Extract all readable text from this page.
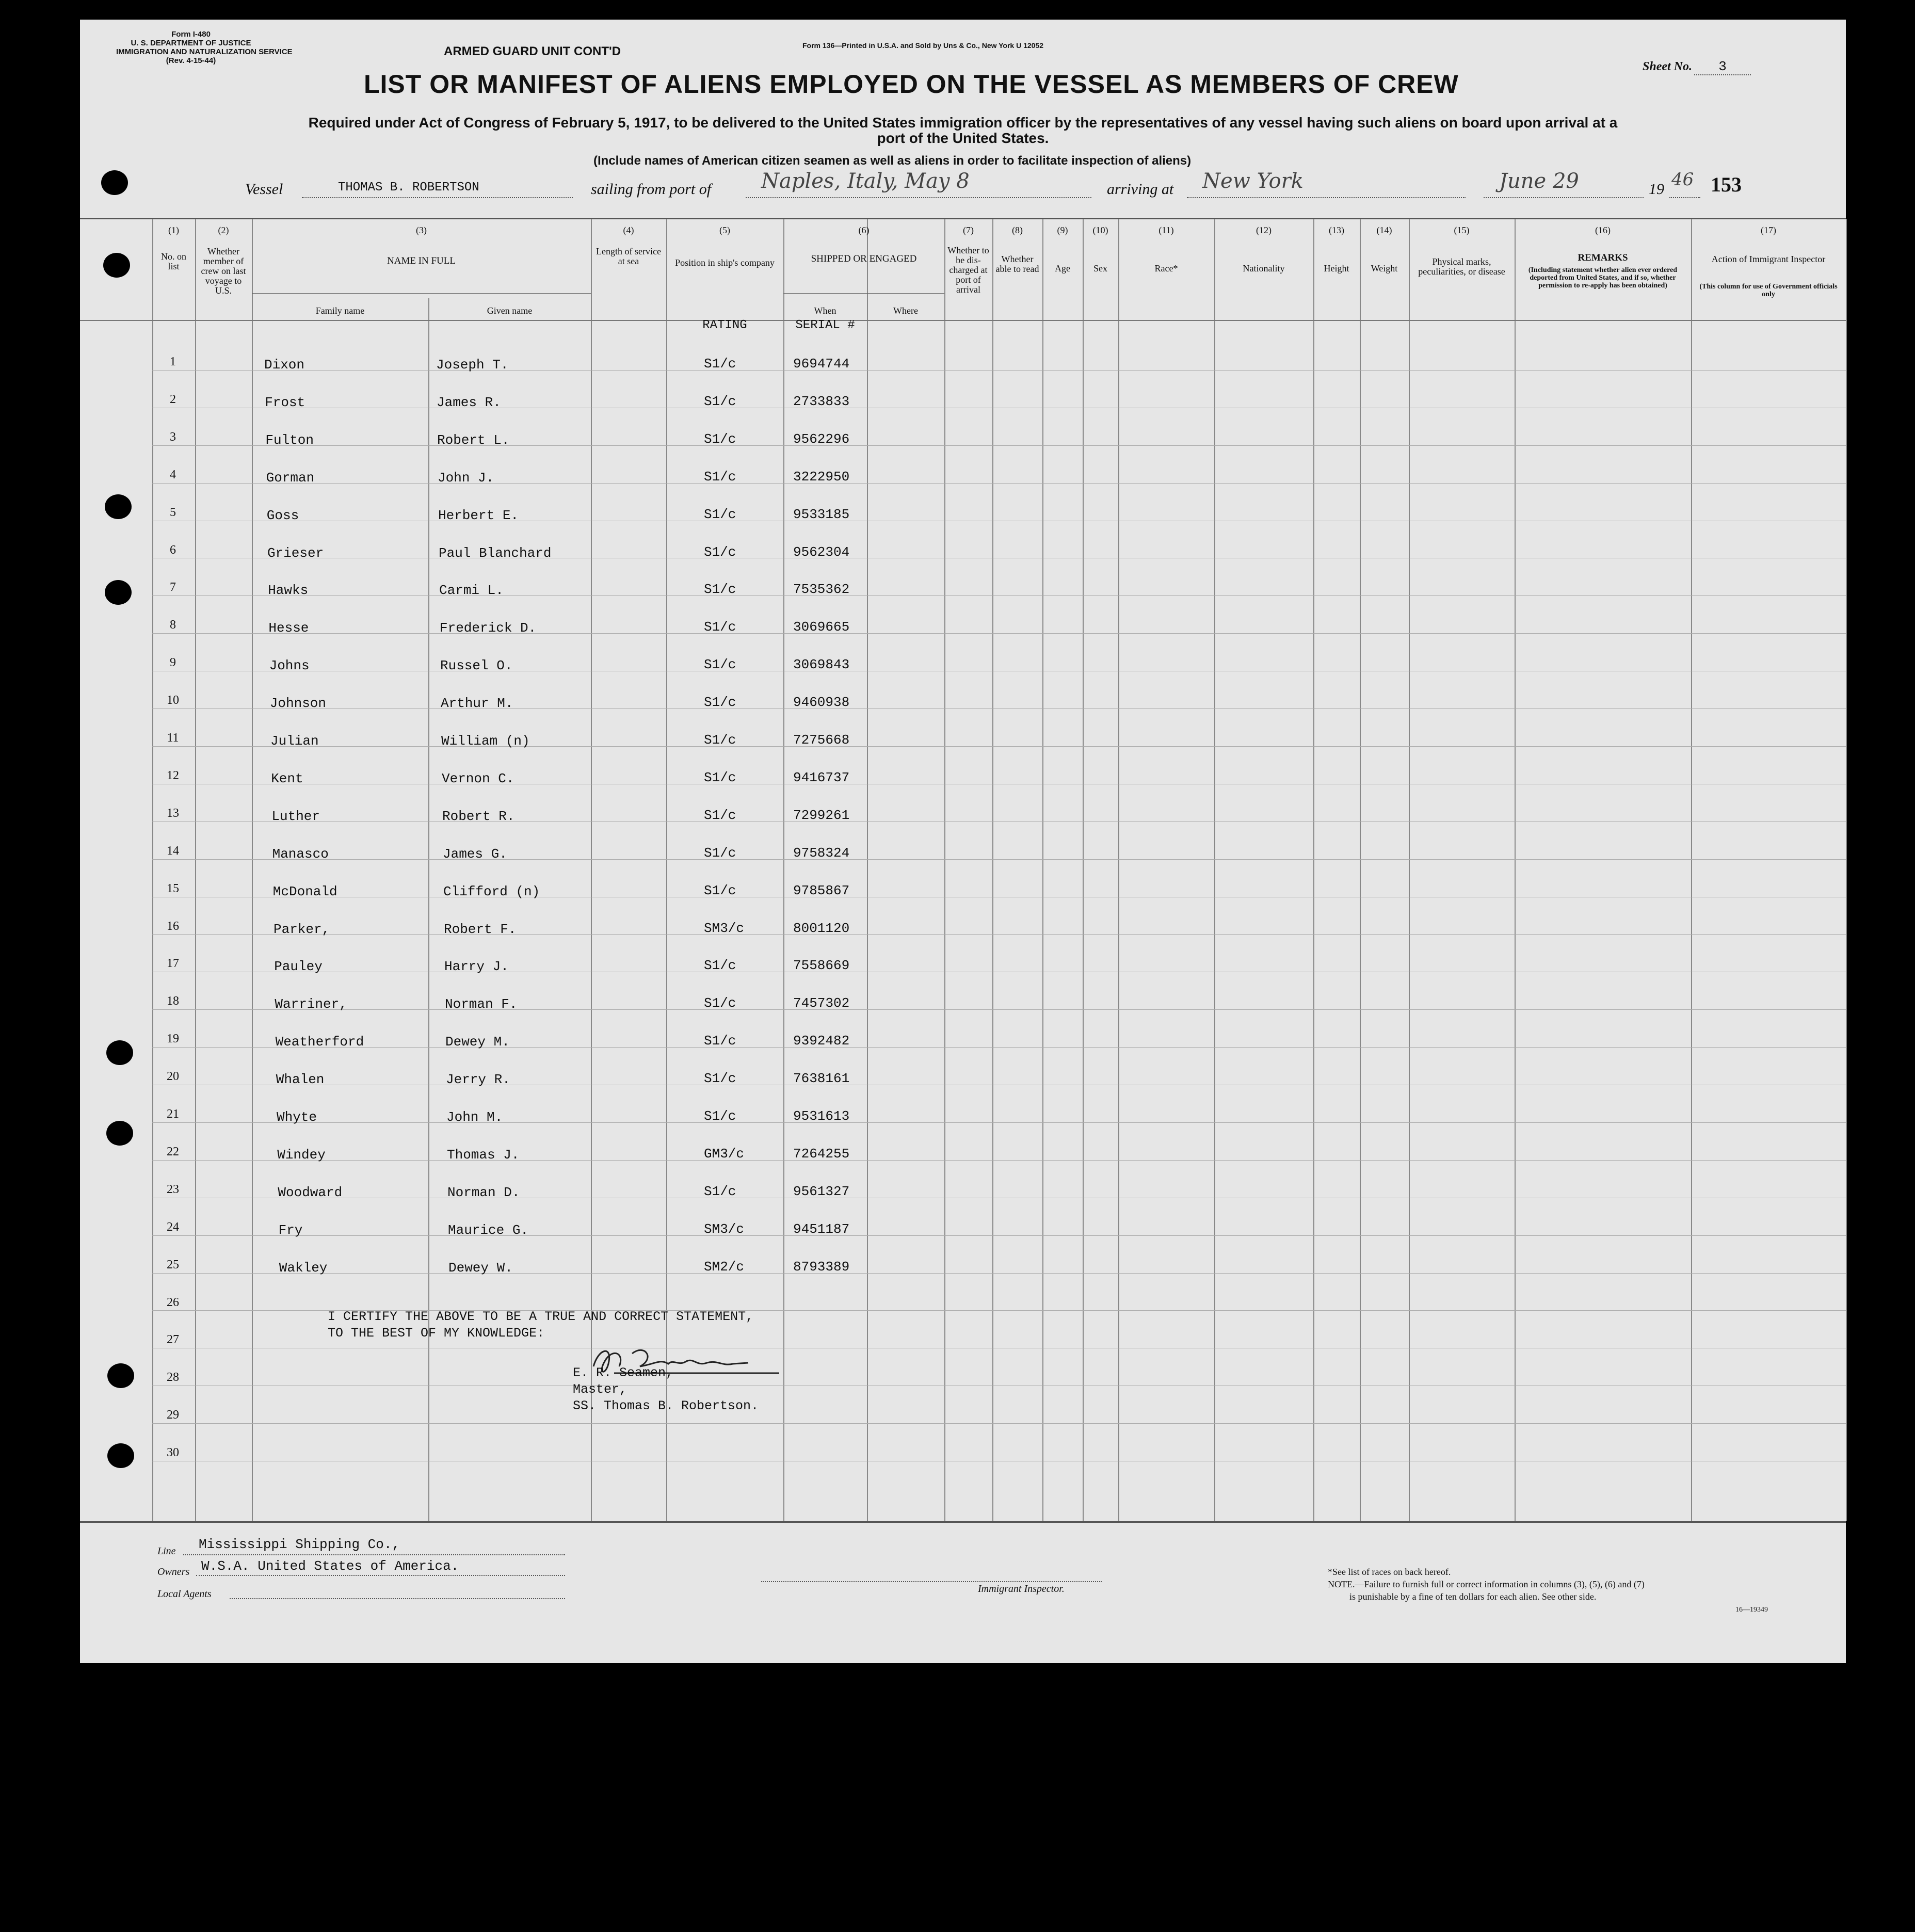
Form I-480
U. S. DEPARTMENT OF JUSTICE
IMMIGRATION AND NATURALIZATION SERVICE
(Rev. 4-15-44)
ARMED GUARD UNIT CONT'D	Form 136—Printed in U.S.A. and Sold by Uns & Co., New York U 12052
Sheet No. 3
LIST OR MANIFEST OF ALIENS EMPLOYED ON THE VESSEL AS MEMBERS OF CREW
Required under Act of Congress of February 5, 1917, to be delivered to the United States immigration officer by the representatives of any vessel having such aliens on board upon arrival at a
port of the United States.
(Include names of American citizen seamen as well as aliens in order to facilitate inspection of aliens)
Vessel	THOMAS B. ROBERTSON	sailing from port of Naples, Italy, May 8	arriving at New York	June 29	19 46 153
(1)
No. on list
(2)
Whether member of crew on last voyage to U.S.
(3)
NAME IN FULL
(4)
Length of service at sea
(5)
Position in ship's company
(6)
SHIPPED OR ENGAGED
(7)
Whether to be dis-charged at port of arrival
(8)
Whether able to read
(9)
Age
(10)
Sex
(11)
Race*
(12)
Nationality
(13)
Height
(14)
Weight
(15)
Physical marks, peculiarities, or disease
(16)
REMARKS
(17)
Action of Immigrant Inspector
Family name	Given name	When	Where
RATING	SERIAL #
(Including statement whether alien ever ordered deported from United States, and if so, whether permission to re-apply has been obtained)	(This column for use of Government officials only
1	Dixon	Joseph T.	S1/c	9694744
2	Frost	James R.	S1/c	2733833
3	Fulton	Robert L.	S1/c	9562296
4	Gorman	John J.	S1/c	3222950
5	Goss	Herbert E.	S1/c	9533185
6	Grieser	Paul Blanchard	S1/c	9562304
7	Hawks	Carmi L.	S1/c	7535362
8	Hesse	Frederick D.	S1/c	3069665
9	Johns	Russel O.	S1/c	3069843
10	Johnson	Arthur M.	S1/c	9460938
11	Julian	William (n)	S1/c	7275668
12	Kent	Vernon C.	S1/c	9416737
13	Luther	Robert R.	S1/c	7299261
14	Manasco	James G.	S1/c	9758324
15	McDonald	Clifford (n)	S1/c	9785867
16	Parker,	Robert F.	SM3/c	8001120
17	Pauley	Harry J.	S1/c	7558669
18	Warriner,	Norman F.	S1/c	7457302
19	Weatherford	Dewey M.	S1/c	9392482
20	Whalen	Jerry R.	S1/c	7638161
21	Whyte	John M.	S1/c	9531613
22	Windey	Thomas J.	GM3/c	7264255
23	Woodward	Norman D.	S1/c	9561327
24	Fry	Maurice G.	SM3/c	9451187
25	Wakley	Dewey W.	SM2/c	8793389
26
27
28
29
30
I CERTIFY THE ABOVE TO BE A TRUE AND CORRECT STATEMENT,
TO THE BEST OF MY KNOWLEDGE:
E. R. Seamen,
Master,
SS. Thomas B. Robertson.
Line	Mississippi Shipping Co.,
Owners W.S.A. United States of America.
Local Agents	Immigrant Inspector.
*See list of races on back hereof.
NOTE.—Failure to furnish full or correct information in columns (3), (5), (6) and (7)
is punishable by a fine of ten dollars for each alien. See other side.
16—19349
